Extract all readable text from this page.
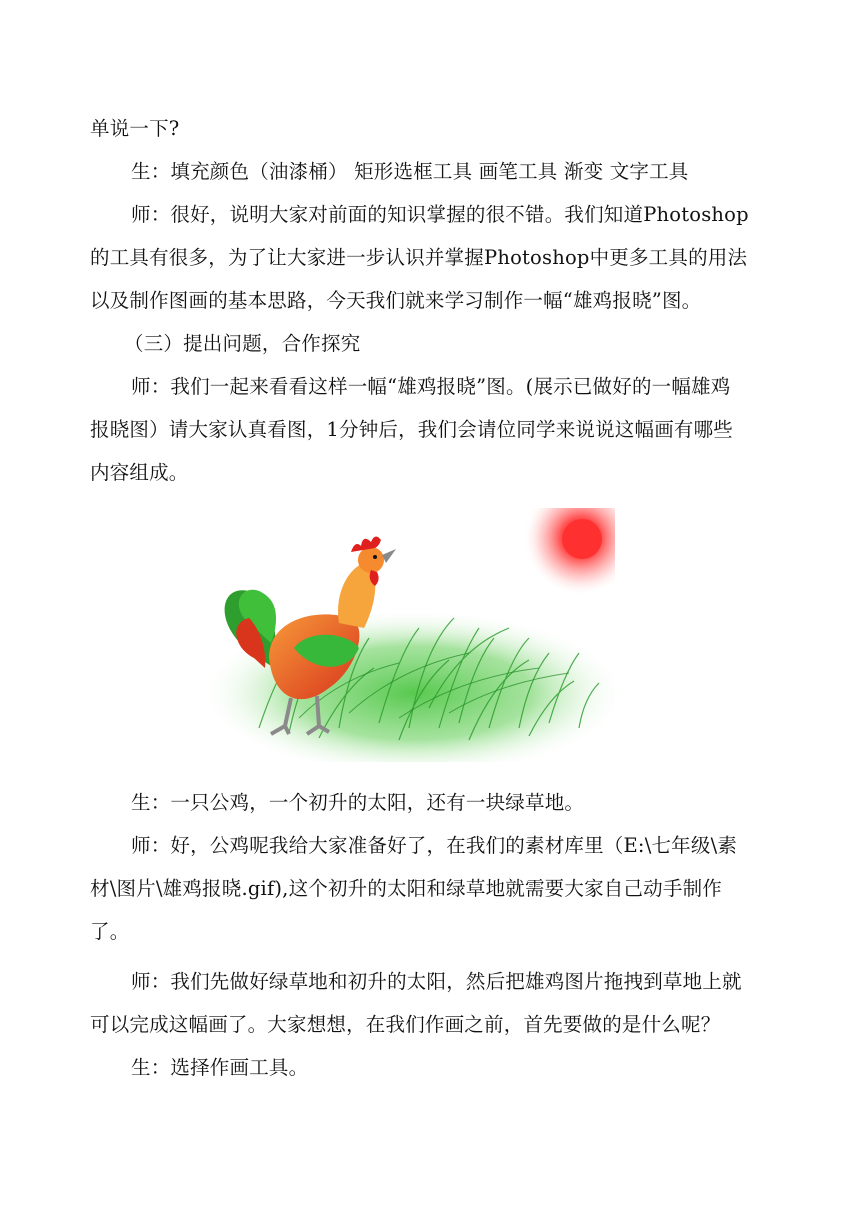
单说一下?
生：填充颜色（油漆桶） 矩形选框工具 画笔工具 渐变 文字工具
师：很好，说明大家对前面的知识掌握的很不错。我们知道Photoshop
的工具有很多，为了让大家进一步认识并掌握Photoshop中更多工具的用法
以及制作图画的基本思路，今天我们就来学习制作一幅“雄鸡报晓”图。
（三）提出问题，合作探究
师：我们一起来看看这样一幅“雄鸡报晓”图。(展示已做好的一幅雄鸡
报晓图）请大家认真看图，1分钟后，我们会请位同学来说说这幅画有哪些
内容组成。
生：一只公鸡，一个初升的太阳，还有一块绿草地。
师：好，公鸡呢我给大家准备好了，在我们的素材库里（E:\七年级\素
材\图片\雄鸡报晓.gif),这个初升的太阳和绿草地就需要大家自己动手制作
了。
师：我们先做好绿草地和初升的太阳，然后把雄鸡图片拖拽到草地上就
可以完成这幅画了。大家想想，在我们作画之前，首先要做的是什么呢？
生：选择作画工具。
